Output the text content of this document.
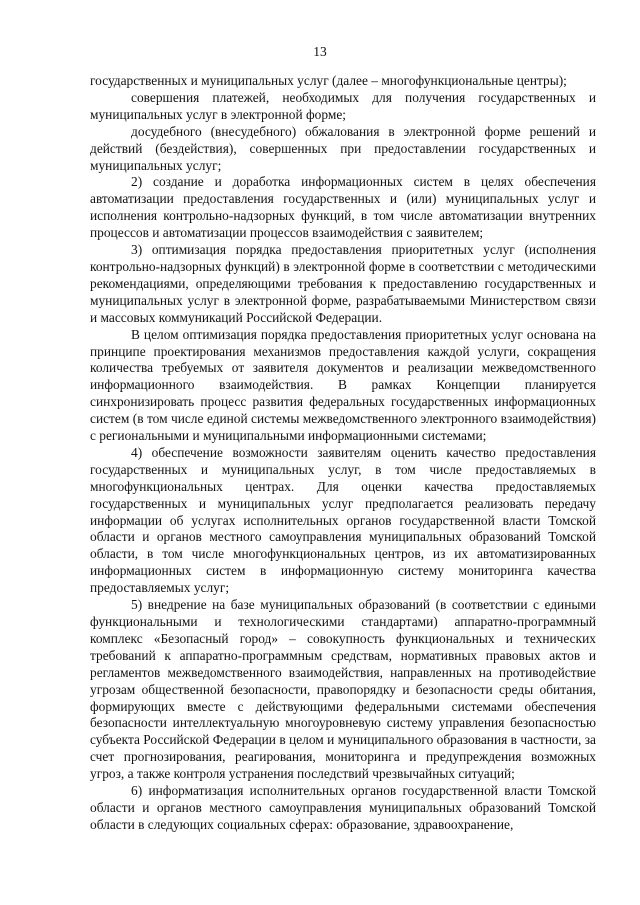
13

государственных и муниципальных услуг (далее – многофункциональные центры);

совершения платежей, необходимых для получения государственных и муниципальных услуг в электронной форме;

досудебного (внесудебного) обжалования в электронной форме решений и действий (бездействия), совершенных при предоставлении государственных и муниципальных услуг;

2) создание и доработка информационных систем в целях обеспечения автоматизации предоставления государственных и (или) муниципальных услуг и исполнения контрольно-надзорных функций, в том числе автоматизации внутренних процессов и автоматизации процессов взаимодействия с заявителем;

3) оптимизация порядка предоставления приоритетных услуг (исполнения контрольно-надзорных функций) в электронной форме в соответствии с методическими рекомендациями, определяющими требования к предоставлению государственных и муниципальных услуг в электронной форме, разрабатываемыми Министерством связи и массовых коммуникаций Российской Федерации.

В целом оптимизация порядка предоставления приоритетных услуг основана на принципе проектирования механизмов предоставления каждой услуги, сокращения количества требуемых от заявителя документов и реализации межведомственного информационного взаимодействия. В рамках Концепции планируется синхронизировать процесс развития федеральных государственных информационных систем (в том числе единой системы межведомственного электронного взаимодействия) с региональными и муниципальными информационными системами;

4) обеспечение возможности заявителям оценить качество предоставления государственных и муниципальных услуг, в том числе предоставляемых в многофункциональных центрах. Для оценки качества предоставляемых государственных и муниципальных услуг предполагается реализовать передачу информации об услугах исполнительных органов государственной власти Томской области и органов местного самоуправления муниципальных образований Томской области, в том числе многофункциональных центров, из их автоматизированных информационных систем в информационную систему мониторинга качества предоставляемых услуг;

5) внедрение на базе муниципальных образований (в соответствии с едиными функциональными и технологическими стандартами) аппаратно-программный комплекс «Безопасный город» – совокупность функциональных и технических требований к аппаратно-программным средствам, нормативных правовых актов и регламентов межведомственного взаимодействия, направленных на противодействие угрозам общественной безопасности, правопорядку и безопасности среды обитания, формирующих вместе с действующими федеральными системами обеспечения безопасности интеллектуальную многоуровневую систему управления безопасностью субъекта Российской Федерации в целом и муниципального образования в частности, за счет прогнозирования, реагирования, мониторинга и предупреждения возможных угроз, а также контроля устранения последствий чрезвычайных ситуаций;

6) информатизация исполнительных органов государственной власти Томской области и органов местного самоуправления муниципальных образований Томской области в следующих социальных сферах: образование, здравоохранение,
